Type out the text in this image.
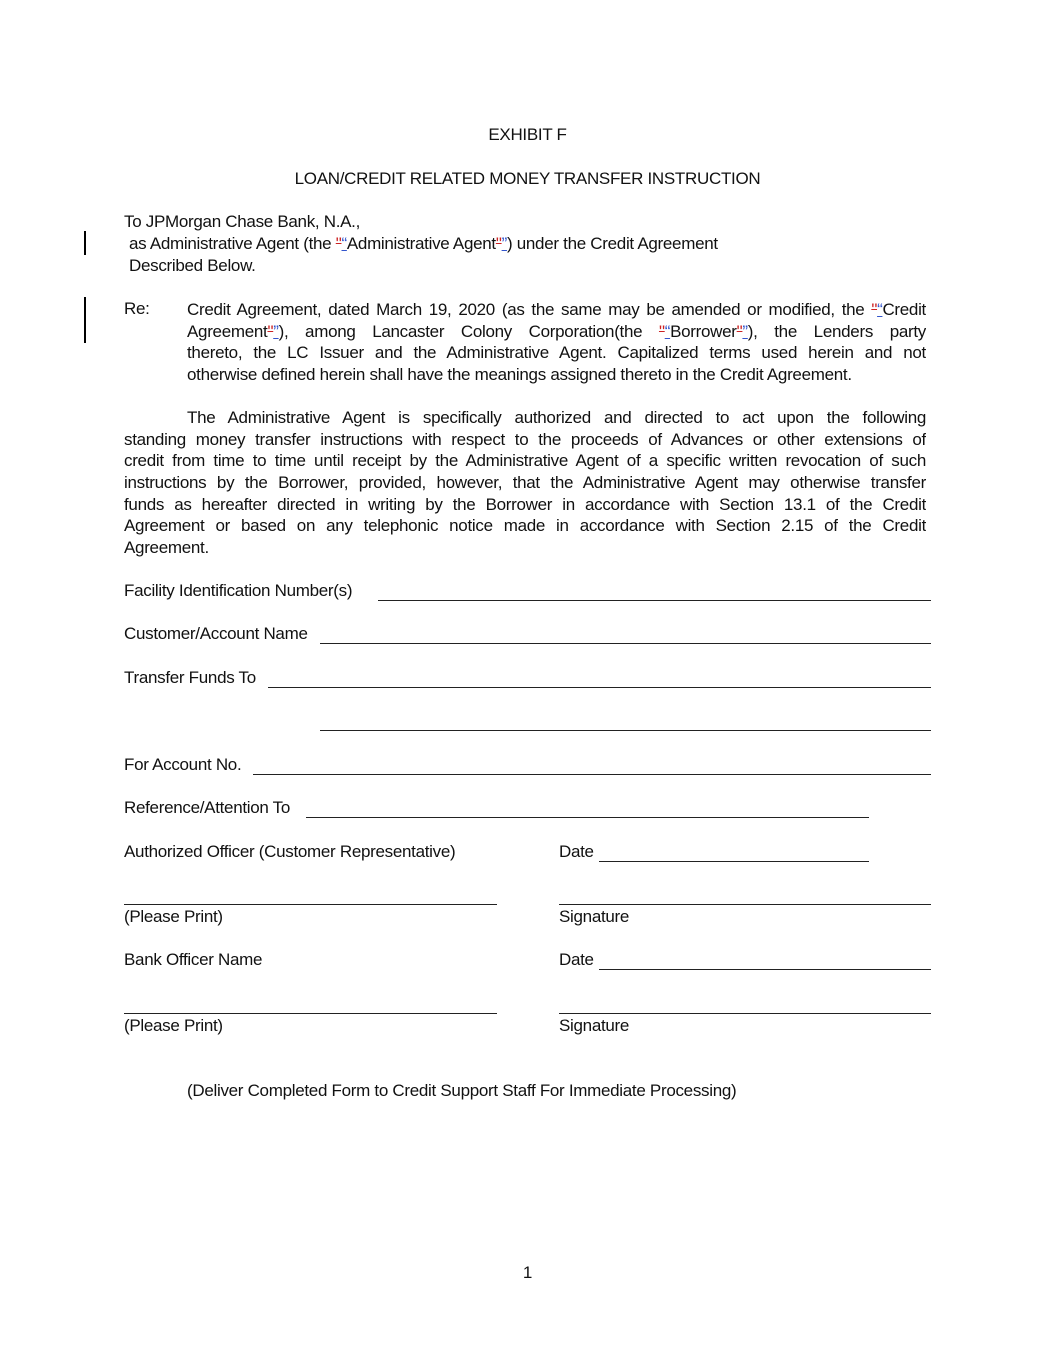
EXHIBIT F
LOAN/CREDIT RELATED MONEY TRANSFER INSTRUCTION
To JPMorgan Chase Bank, N.A.,
as Administrative Agent (the "“Administrative Agent"”) under the Credit Agreement
Described Below.
Re: Credit Agreement, dated March 19, 2020 (as the same may be amended or modified, the "“Credit
Agreement"”), among Lancaster Colony Corporation(the "“Borrower"”), the Lenders party
thereto, the LC Issuer and the Administrative Agent. Capitalized terms used herein and not
otherwise defined herein shall have the meanings assigned thereto in the Credit Agreement.
The Administrative Agent is specifically authorized and directed to act upon the following
standing money transfer instructions with respect to the proceeds of Advances or other extensions of
credit from time to time until receipt by the Administrative Agent of a specific written revocation of such
instructions by the Borrower, provided, however, that the Administrative Agent may otherwise transfer
funds as hereafter directed in writing by the Borrower in accordance with Section 13.1 of the Credit
Agreement or based on any telephonic notice made in accordance with Section 2.15 of the Credit
Agreement.
Facility Identification Number(s)
Customer/Account Name
Transfer Funds To
For Account No.
Reference/Attention To
Authorized Officer (Customer Representative)	Date
(Please Print)	Signature
Bank Officer Name	Date
(Please Print)	Signature
(Deliver Completed Form to Credit Support Staff For Immediate Processing)
1
